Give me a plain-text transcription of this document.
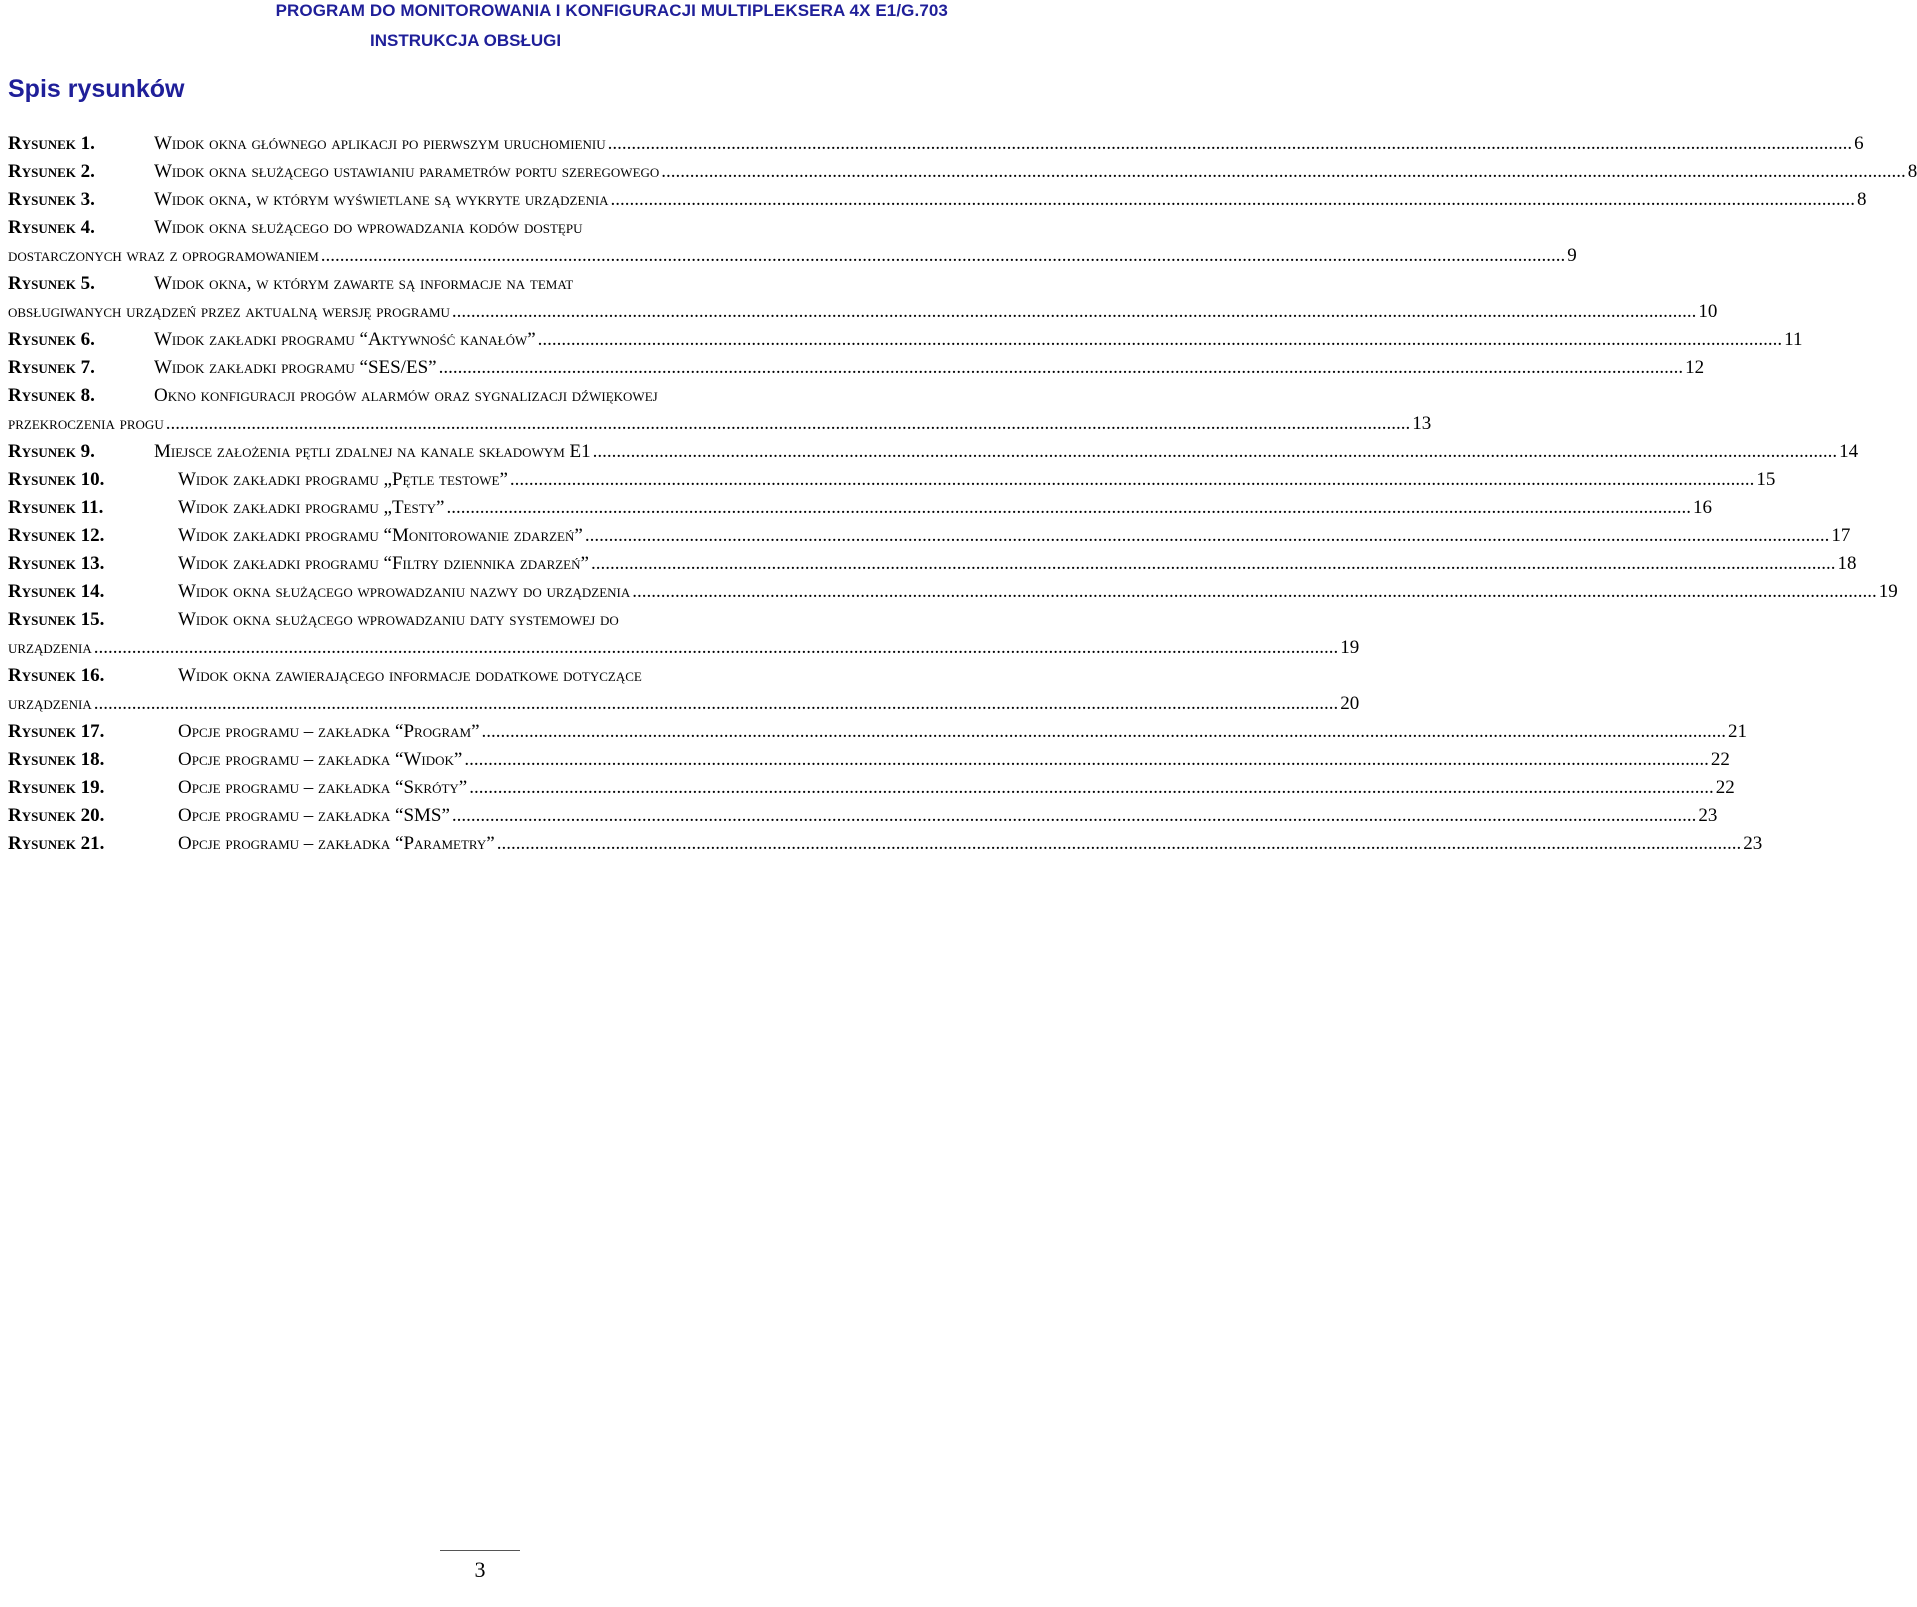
PROGRAM DO MONITOROWANIA I KONFIGURACJI MULTIPLEKSERA 4X E1/G.703
INSTRUKCJA OBSŁUGI
Spis rysunków
Rysunek 1.	Widok okna głównego aplikacji po pierwszym uruchomieniu .....	6
Rysunek 2.	Widok okna służącego ustawianiu parametrów portu szeregowego .....	8
Rysunek 3.	Widok okna, w którym wyświetlane są wykryte urządzenia .....	8
Rysunek 4.	Widok okna służącego do wprowadzania kodów dostępu
dostarczonych wraz z oprogramowaniem .....	9
Rysunek 5.	Widok okna, w którym zawarte są informacje na temat
obsługiwanych urządzeń przez aktualną wersję programu .....	10
Rysunek 6.	Widok zakładki programu “Aktywność kanałów” .....	11
Rysunek 7.	Widok zakładki programu “SES/ES” .....	12
Rysunek 8.	Okno konfiguracji progów alarmów oraz sygnalizacji dźwiękowej
przekroczenia progu .....	13
Rysunek 9.	Miejsce założenia pętli zdalnej na kanale składowym E1 .....	14
Rysunek 10.	Widok zakładki programu „Pętle testowe” .....	15
Rysunek 11.	Widok zakładki programu „Testy” .....	16
Rysunek 12.	Widok zakładki programu “Monitorowanie zdarzeń” .....	17
Rysunek 13.	Widok zakładki programu “Filtry dziennika zdarzeń” .....	18
Rysunek 14.	Widok okna służącego wprowadzaniu nazwy do urządzenia .....	19
Rysunek 15.	Widok okna służącego wprowadzaniu daty systemowej do
urządzenia .....	19
Rysunek 16.	Widok okna zawierającego informacje dodatkowe dotyczące
urządzenia .....	20
Rysunek 17.	Opcje programu – zakładka “Program” .....	21
Rysunek 18.	Opcje programu – zakładka “Widok” .....	22
Rysunek 19.	Opcje programu – zakładka “Skróty” .....	22
Rysunek 20.	Opcje programu – zakładka “SMS” .....	23
Rysunek 21.	Opcje programu – zakładka “Parametry” .....	23
3
